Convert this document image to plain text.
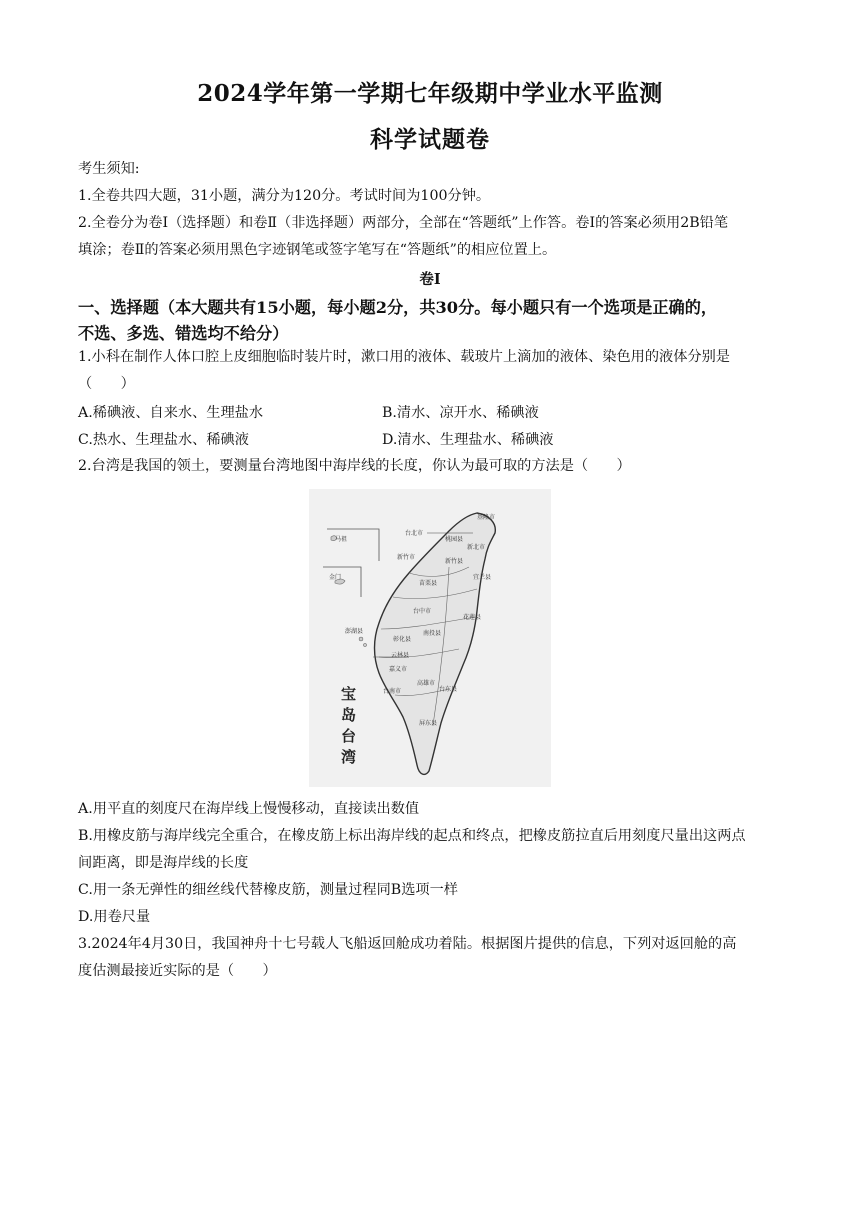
2024学年第一学期七年级期中学业水平监测
科学试题卷
考生须知:
1.全卷共四大题，31小题，满分为120分。考试时间为100分钟。
2.全卷分为卷Ⅰ（选择题）和卷Ⅱ（非选择题）两部分，全部在“答题纸”上作答。卷Ⅰ的答案必须用2B铅笔
填涂；卷Ⅱ的答案必须用黑色字迹钢笔或签字笔写在“答题纸”的相应位置上。
卷Ⅰ
一、选择题（本大题共有15小题，每小题2分，共30分。每小题只有一个选项是正确的，
不选、多选、错选均不给分）
1.小科在制作人体口腔上皮细胞临时装片时，漱口用的液体、载玻片上滴加的液体、染色用的液体分别是
（　　）
A.稀碘液、自来水、生理盐水	B.清水、凉开水、稀碘液
C.热水、生理盐水、稀碘液	D.清水、生理盐水、稀碘液
2.台湾是我国的领土，要测量台湾地图中海岸线的长度，你认为最可取的方法是（　　）
马祖
金门
基隆市
台北市
桃园县
新北市
新竹市
新竹县
宜兰县
苗栗县
台中市
花莲县
彰化县
南投县
云林县
嘉义市
台南市
高雄市
台东县
屏东县
澎湖县
宝
岛
台
湾
A.用平直的刻度尺在海岸线上慢慢移动，直接读出数值
B.用橡皮筋与海岸线完全重合，在橡皮筋上标出海岸线的起点和终点，把橡皮筋拉直后用刻度尺量出这两点
间距离，即是海岸线的长度
C.用一条无弹性的细丝线代替橡皮筋，测量过程同B选项一样
D.用卷尺量
3.2024年4月30日，我国神舟十七号载人飞船返回舱成功着陆。根据图片提供的信息，下列对返回舱的高
度估测最接近实际的是（　　）
